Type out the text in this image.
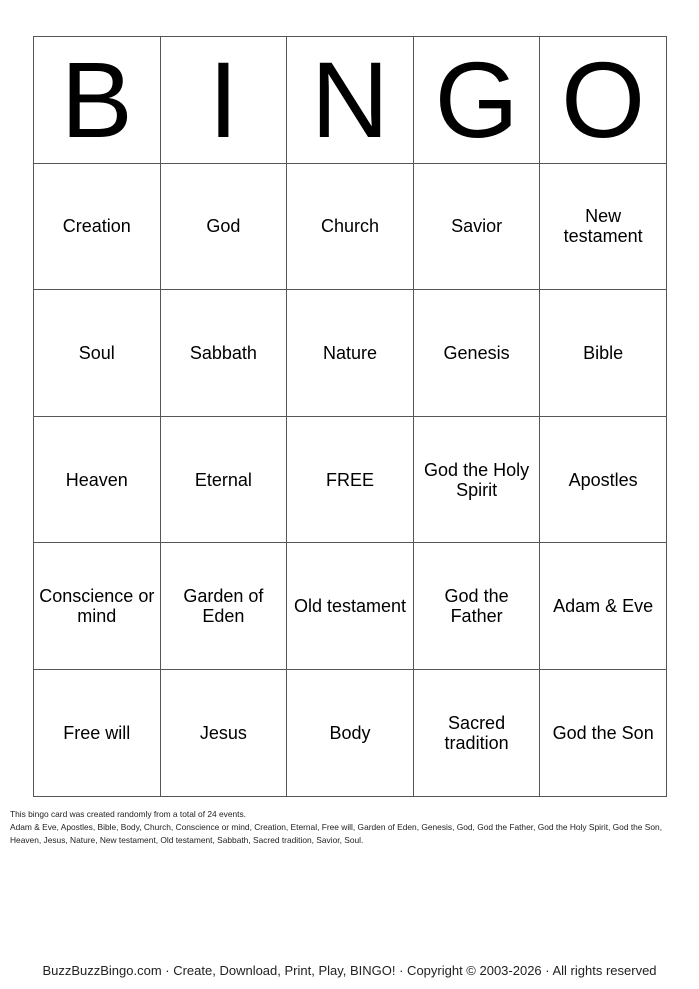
B	I	N	G	O
Creation	God	Church	Savior	New testament
Soul	Sabbath	Nature	Genesis	Bible
Heaven	Eternal	FREE	God the Holy Spirit	Apostles
Conscience or mind	Garden of Eden	Old testament	God the Father	Adam & Eve
Free will	Jesus	Body	Sacred tradition	God the Son

This bingo card was created randomly from a total of 24 events.

Adam & Eve, Apostles, Bible, Body, Church, Conscience or mind, Creation, Eternal, Free will, Garden of Eden, Genesis, God, God the Father, God the Holy Spirit, God the Son, Heaven, Jesus, Nature, New testament, Old testament, Sabbath, Sacred tradition, Savior, Soul.

BuzzBuzzBingo.com · Create, Download, Print, Play, BINGO! · Copyright © 2003-2026 · All rights reserved
